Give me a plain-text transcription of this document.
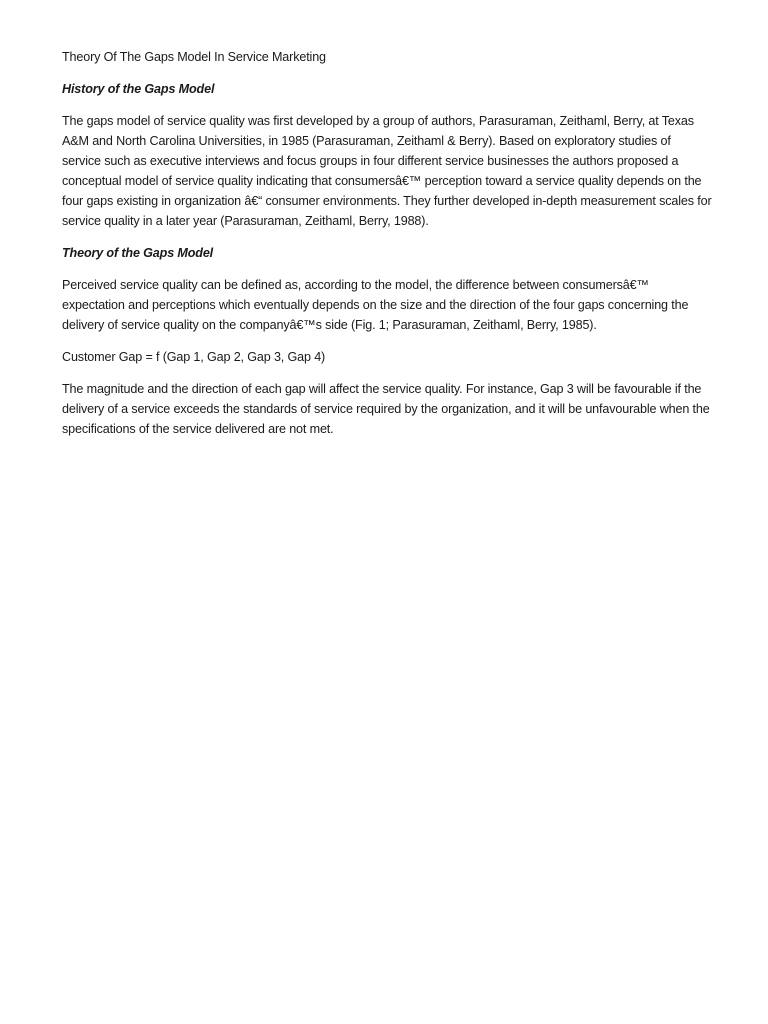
Theory Of The Gaps Model In Service Marketing

History of the Gaps Model

The gaps model of service quality was first developed by a group of authors, Parasuraman, Zeithaml, Berry, at Texas A&M and North Carolina Universities, in 1985 (Parasuraman, Zeithaml & Berry). Based on exploratory studies of service such as executive interviews and focus groups in four different service businesses the authors proposed a conceptual model of service quality indicating that consumersâ€™ perception toward a service quality depends on the four gaps existing in organization â€“ consumer environments. They further developed in-depth measurement scales for service quality in a later year (Parasuraman, Zeithaml, Berry, 1988).

Theory of the Gaps Model

Perceived service quality can be defined as, according to the model, the difference between consumersâ€™ expectation and perceptions which eventually depends on the size and the direction of the four gaps concerning the delivery of service quality on the companyâ€™s side (Fig. 1; Parasuraman, Zeithaml, Berry, 1985).

Customer Gap = f (Gap 1, Gap 2, Gap 3, Gap 4)

The magnitude and the direction of each gap will affect the service quality. For instance, Gap 3 will be favourable if the delivery of a service exceeds the standards of service required by the organization, and it will be unfavourable when the specifications of the service delivered are not met.
